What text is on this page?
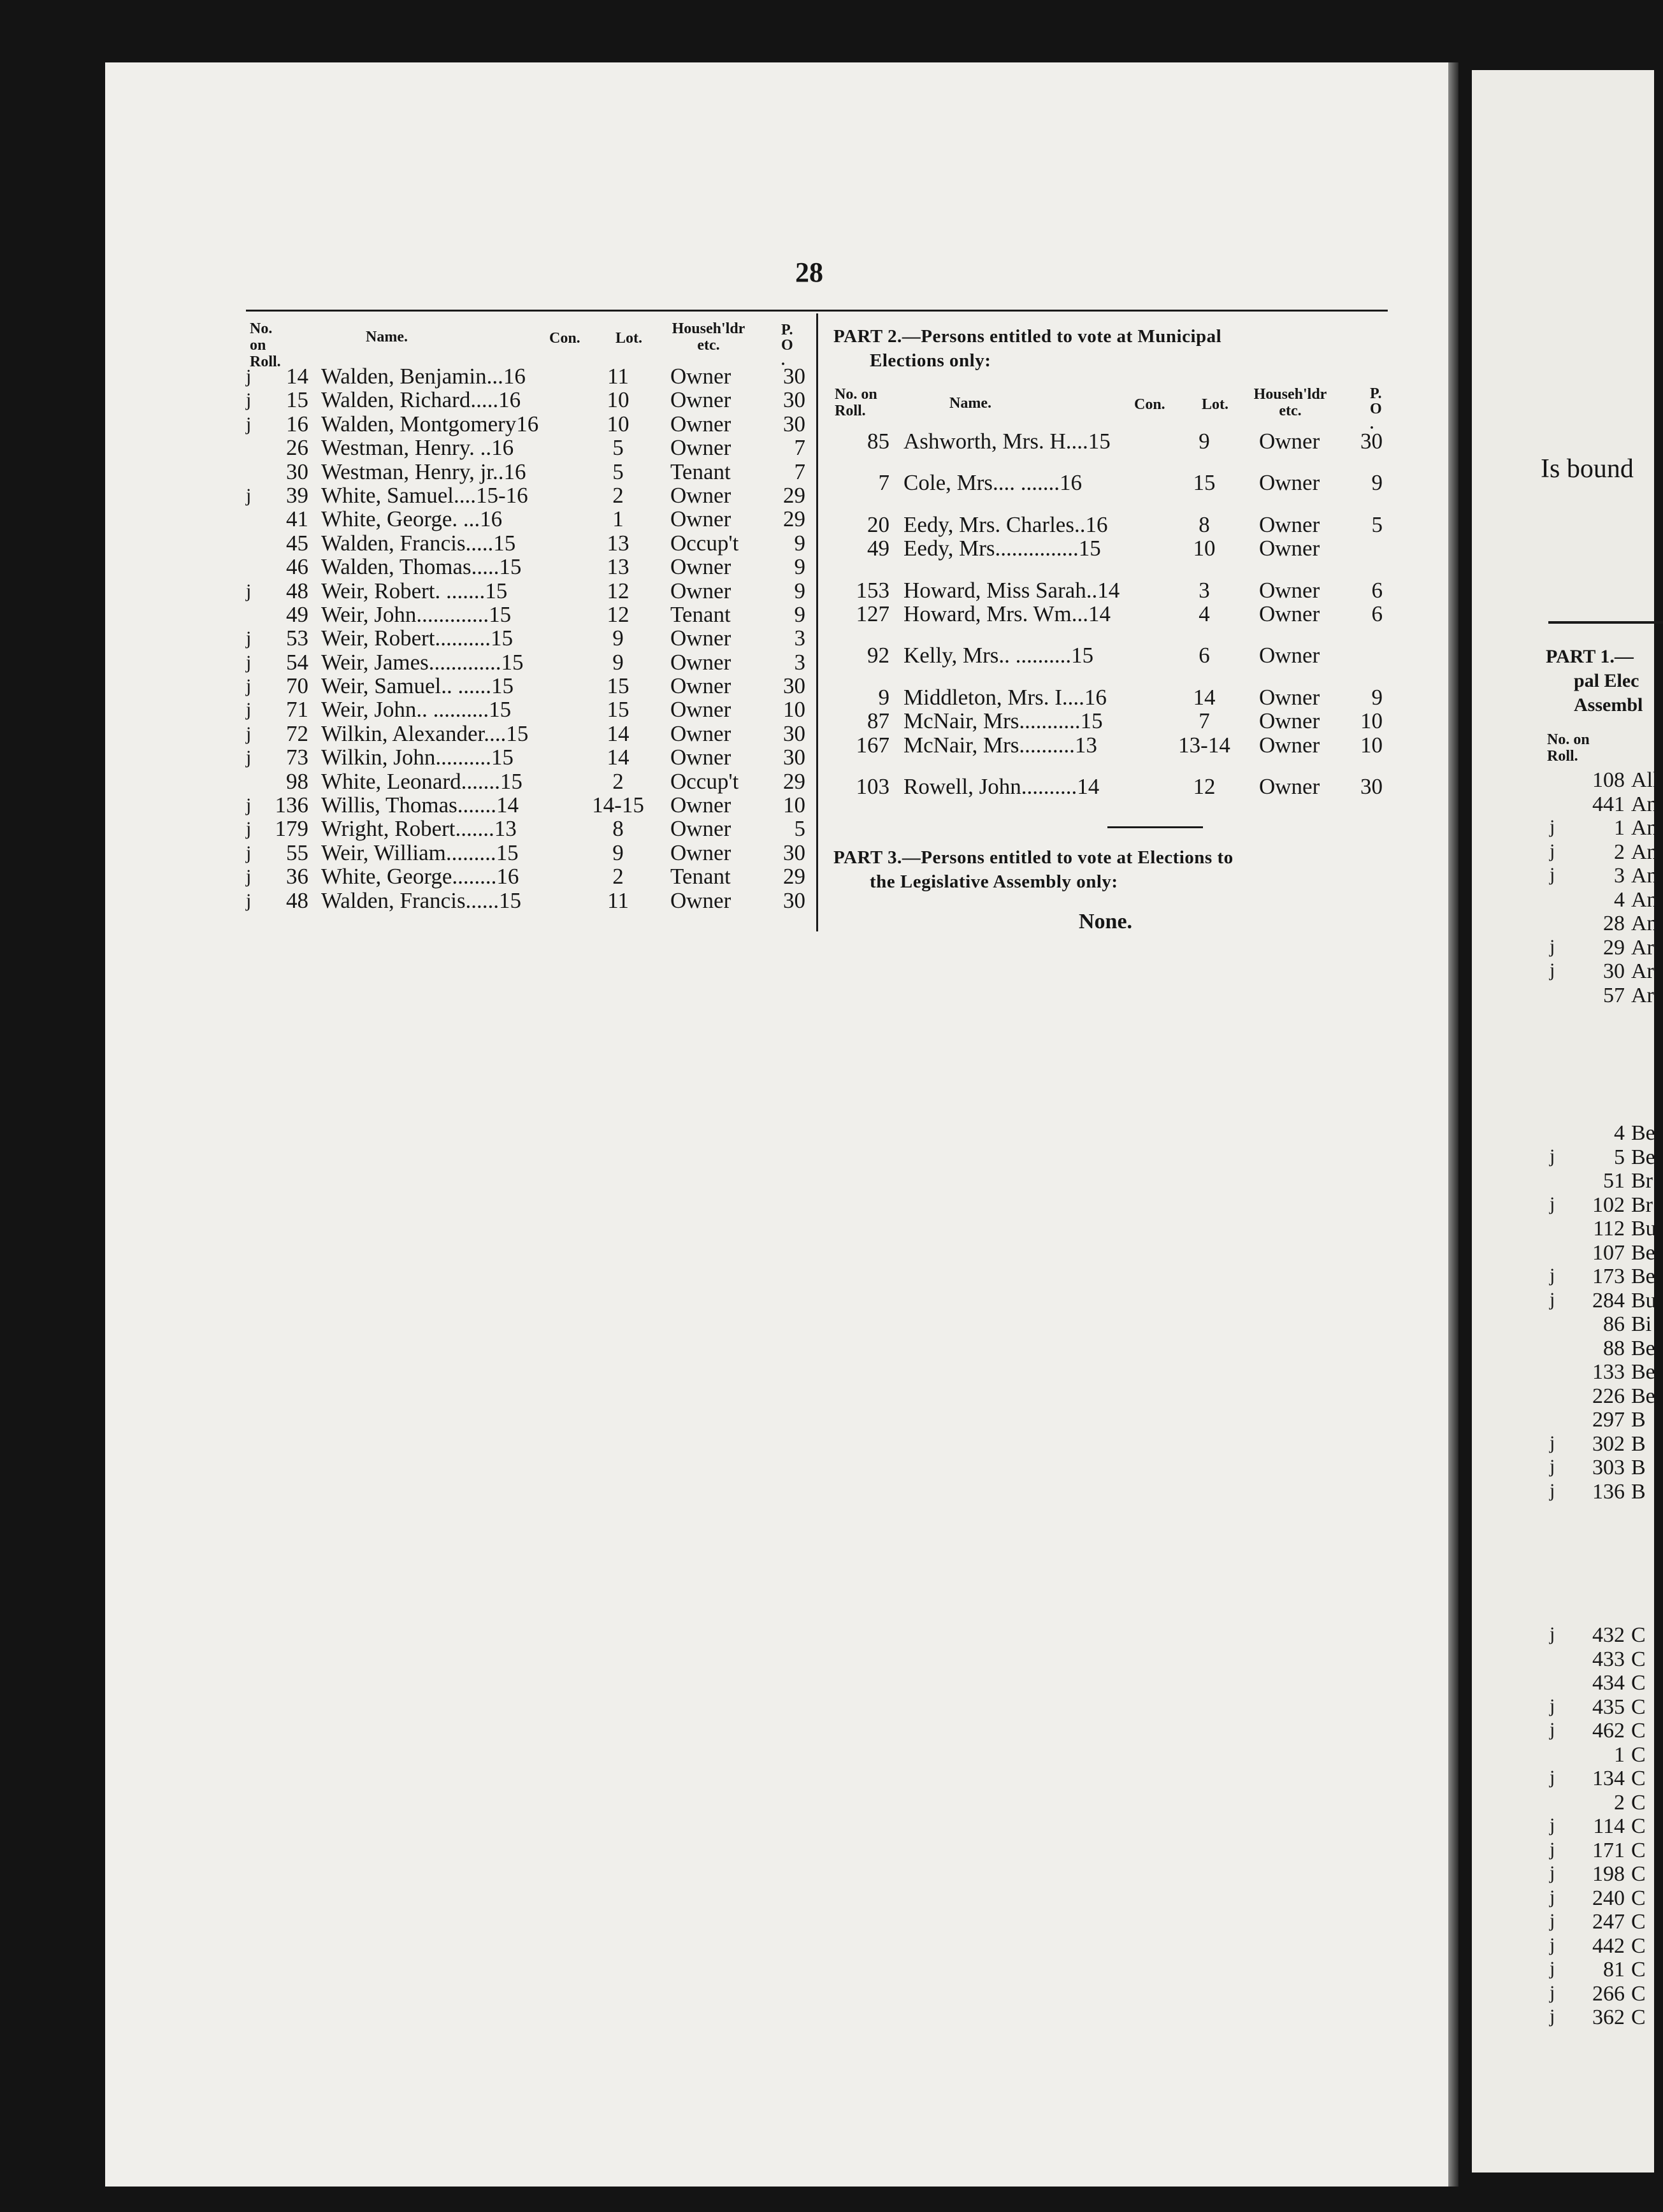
28
No. on Roll.
Name.	Con. Lot.
Househ'ldr etc.
P. O.
j	14 Walden, Benjamin...16	11	Owner	30
j	15 Walden, Richard.....16	10	Owner	30
j	16 Walden, Montgomery16	10	Owner	30
26 Westman, Henry. ..16	5	Owner	7
30 Westman, Henry, jr..16	5	Tenant	7
j	39 White, Samuel....15-16	2	Owner	29
41 White, George. ...16	1	Owner	29
45 Walden, Francis.....15	13	Occup't	9
46 Walden, Thomas.....15	13	Owner	9
j	48 Weir, Robert. .......15	12	Owner	9
49 Weir, John.............15	12	Tenant	9
j	53 Weir, Robert..........15	9	Owner	3
j	54 Weir, James.............15	9	Owner	3
j	70 Weir, Samuel.. ......15	15	Owner	30
j	71 Weir, John.. ..........15	15	Owner	10
j	72 Wilkin, Alexander....15	14	Owner	30
j	73 Wilkin, John..........15	14	Owner	30
98 White, Leonard.......15	2	Occup't	29
j	136 Willis, Thomas.......14	14-15 Owner	10
j	179 Wright, Robert.......13	8	Owner	5
j	55 Weir, William.........15	9	Owner	30
j	36 White, George........16	2	Tenant	29
j	48 Walden, Francis......15	11	Owner	30
PART 2.—Persons entitled to vote at Municipal
Elections only:
No. on Roll.	Name.	Con. Lot.
Househ'ldr etc.
P. O.
85 Ashworth, Mrs. H....15	9	Owner	30
7 Cole, Mrs.... .......16	15	Owner	9
20 Eedy, Mrs. Charles..16	8	Owner	5
49 Eedy, Mrs...............15	10	Owner
153 Howard, Miss Sarah..14	3	Owner	6
127 Howard, Mrs. Wm...14	4	Owner	6
92 Kelly, Mrs.. ..........15	6	Owner
9 Middleton, Mrs. I....16	14	Owner	9
87 McNair, Mrs...........15	7	Owner	10
167 McNair, Mrs..........13	13-14 Owner	10
103 Rowell, John..........14	12	Owner	30
PART 3.—Persons entitled to vote at Elections to
the Legislative Assembly only:
None.
Is bound
PART 1.—
pal Elec
Assembl
No. on Roll.
108 All
441 An
j	1 An
j	2 An
j	3 An
4 An
28 An
j	29 Ar
j	30 Ar
57 Ar
4 Be
j	5 Be
51 Br
j	102 Br
112 Bu
107 Be
j	173 Be
j	284 Bu
86 Bi
88 Be
133 Be
226 Be
297 B
j	302 B
j	303 B
j	136 B
j	432 C
433 C
434 C
j	435 C
j	462 C
1 C
j	134 C
2 C
j	114 C
j	171 C
j	198 C
j	240 C
j	247 C
j	442 C
j	81 C
j	266 C
j	362 C
